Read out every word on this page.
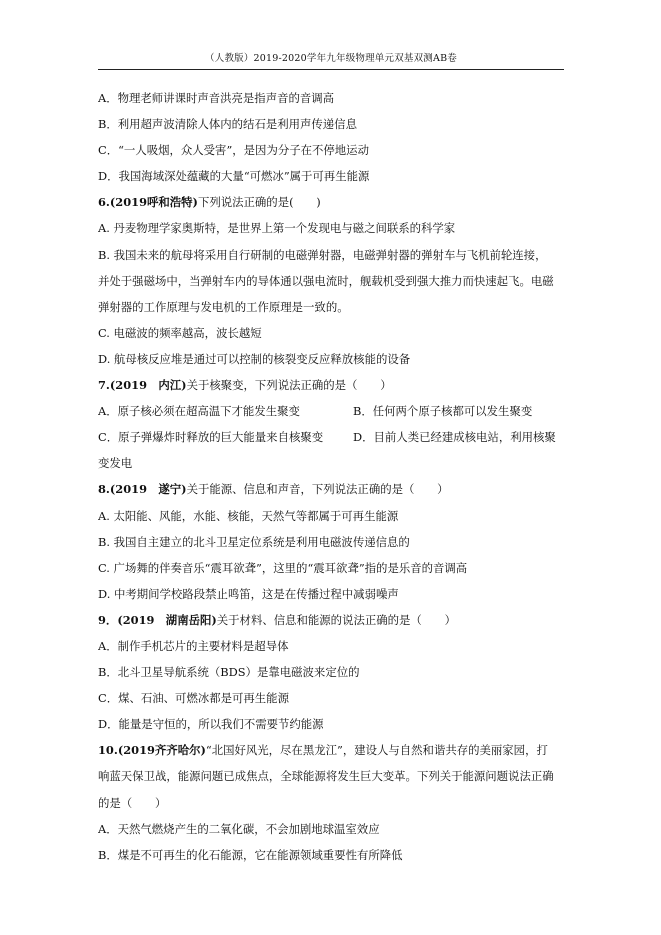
（人教版）2019-2020学年九年级物理单元双基双测AB卷
A．物理老师讲课时声音洪亮是指声音的音调高
B．利用超声波清除人体内的结石是利用声传递信息
C．“一人吸烟，众人受害”，是因为分子在不停地运动
D．我国海域深处蕴藏的大量“可燃冰”属于可再生能源
6.(2019呼和浩特)下列说法正确的是(　　)
A. 丹麦物理学家奥斯特，是世界上第一个发现电与磁之间联系的科学家
B. 我国未来的航母将采用自行研制的电磁弹射器，电磁弹射器的弹射车与飞机前轮连接，
并处于强磁场中，当弹射车内的导体通以强电流时，舰载机受到强大推力而快速起飞。电磁
弹射器的工作原理与发电机的工作原理是一致的。
C. 电磁波的频率越高，波长越短
D. 航母核反应堆是通过可以控制的核裂变反应释放核能的设备
7.(2019　内江)关于核聚变，下列说法正确的是（　　）
A．原子核必须在超高温下才能发生聚变	B．任何两个原子核都可以发生聚变
C．原子弹爆炸时释放的巨大能量来自核聚变	D．目前人类已经建成核电站，利用核聚
变发电
8.(2019　遂宁)关于能源、信息和声音，下列说法正确的是（　　）
A. 太阳能、风能，水能、核能，天然气等都属于可再生能源
B. 我国自主建立的北斗卫星定位系统是利用电磁波传递信息的
C. 广场舞的伴奏音乐“震耳欲聋”，这里的“震耳欲聋”指的是乐音的音调高
D. 中考期间学校路段禁止鸣笛，这是在传播过程中减弱噪声
9．(2019　湖南岳阳)关于材料、信息和能源的说法正确的是（　　）
A．制作手机芯片的主要材料是超导体
B．北斗卫星导航系统（BDS）是靠电磁波来定位的
C．煤、石油、可燃冰都是可再生能源
D．能量是守恒的，所以我们不需要节约能源
10.(2019齐齐哈尔)“北国好风光，尽在黑龙江”，建设人与自然和谐共存的美丽家园，打
响蓝天保卫战，能源问题已成焦点，全球能源将发生巨大变革。下列关于能源问题说法正确
的是（　　）
A．天然气燃烧产生的二氧化碳，不会加剧地球温室效应
B．煤是不可再生的化石能源，它在能源领域重要性有所降低
